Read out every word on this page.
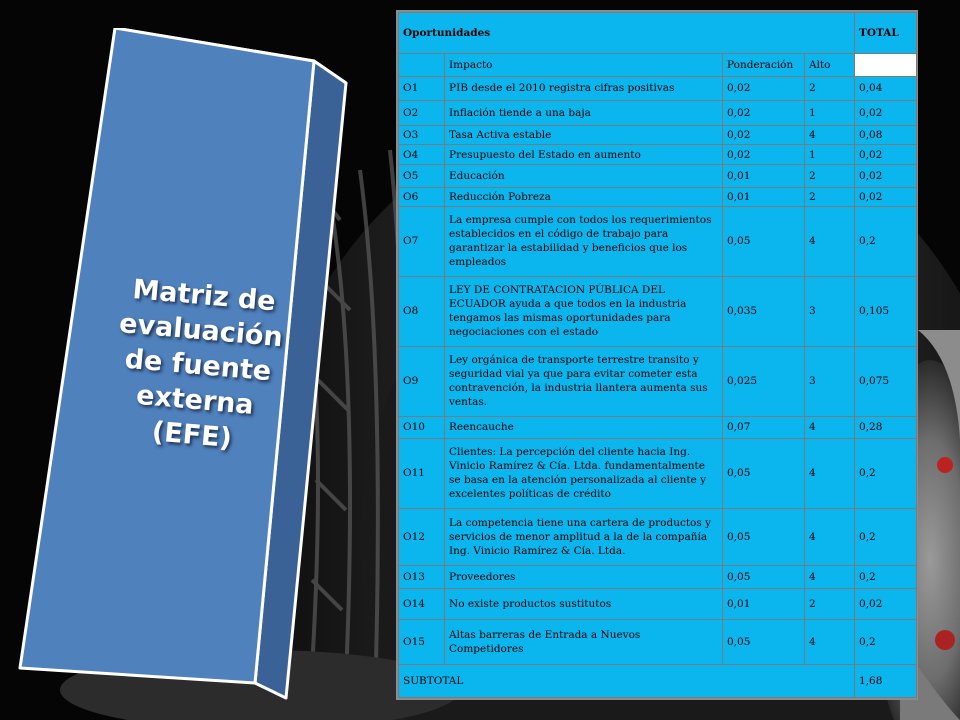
Matriz de
evaluación
de fuente
externa
(EFE)
Oportunidades				TOTAL
	Impacto	Ponderación	Alto	
O1	PIB desde el 2010 registra cifras positivas	0,02	2	0,04
O2	Inflación tiende a una baja	0,02	1	0,02
O3	Tasa Activa estable	0,02	4	0,08
O4	Presupuesto del Estado en aumento	0,02	1	0,02
O5	Educación	0,01	2	0,02
O6	Reducción Pobreza	0,01	2	0,02
O7	La empresa cumple con todos los requerimientos establecidos en el código de trabajo para garantizar la estabilidad y beneficios que los empleados	0,05	4	0,2
O8	LEY DE CONTRATACION PÚBLICA DEL ECUADOR ayuda a que todos en la industria tengamos las mismas oportunidades para negociaciones con el estado	0,035	3	0,105
O9	Ley orgánica de transporte terrestre transito y seguridad vial ya que para evitar cometer esta contravención, la industria llantera aumenta sus ventas.	0,025	3	0,075
O10	Reencauche	0,07	4	0,28
O11	Clientes: La percepción del cliente hacia Ing. Vinicio Ramírez & Cía. Ltda. fundamentalmente se basa en la atención personalizada al cliente y excelentes políticas de crédito	0,05	4	0,2
O12	La competencia tiene una cartera de productos y servicios de menor amplitud a la de la compañía Ing. Vinicio Ramírez & Cía. Ltda.	0,05	4	0,2
O13	Proveedores	0,05	4	0,2
O14	No existe productos sustitutos	0,01	2	0,02
O15	Altas barreras de Entrada a Nuevos Competidores	0,05	4	0,2
SUBTOTAL				1,68
